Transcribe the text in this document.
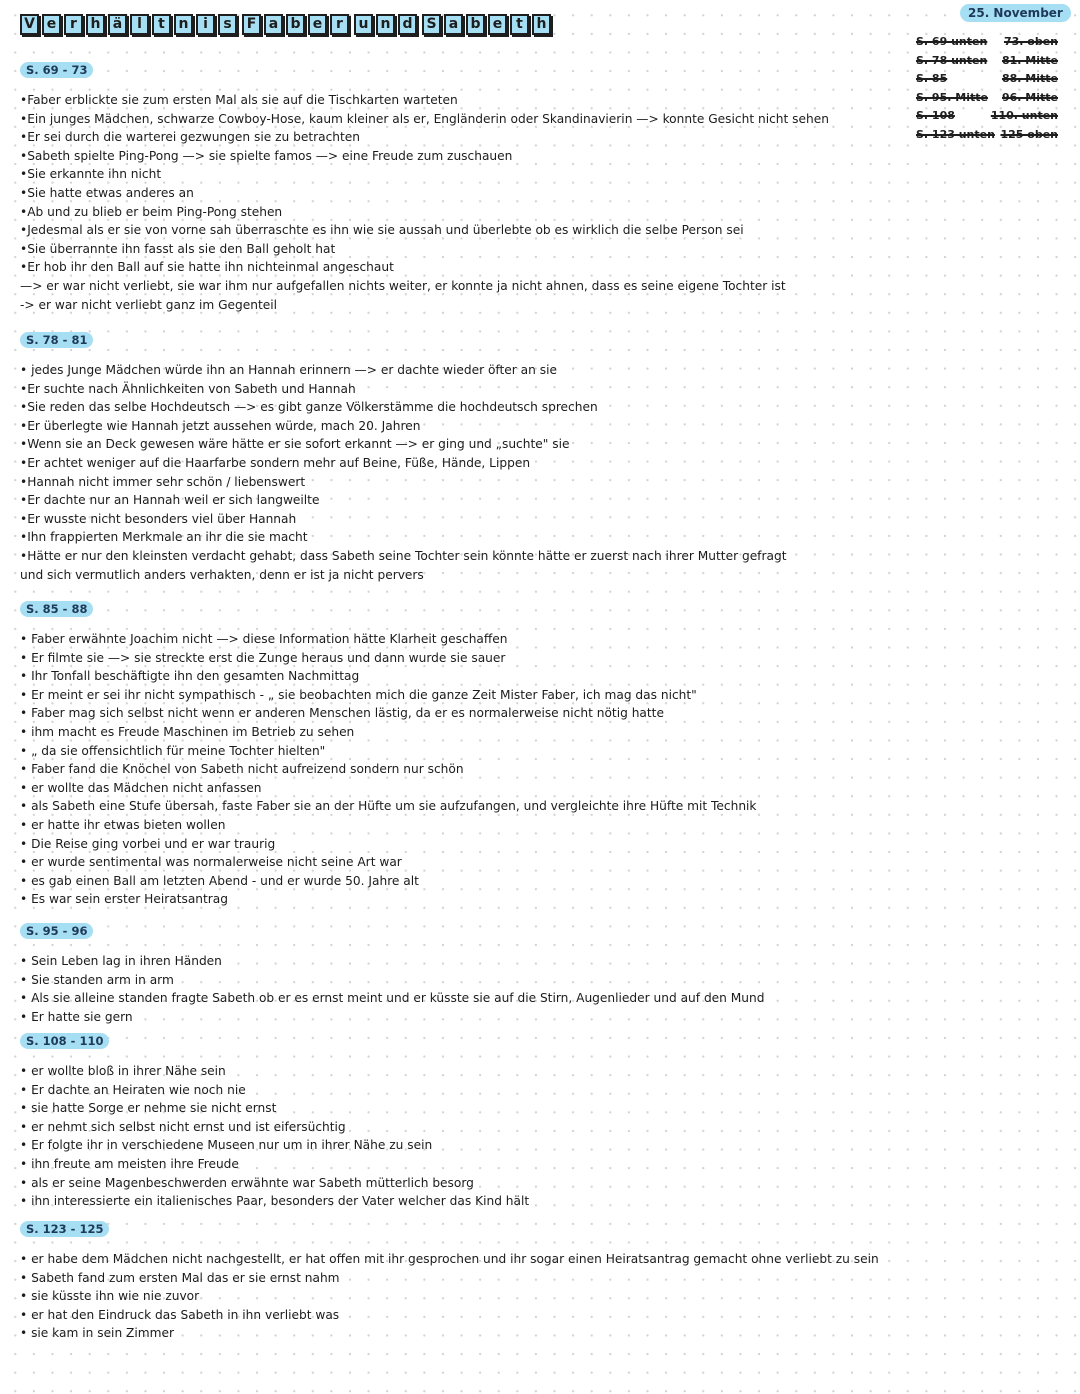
V e r h ä	l	t n	i	s	F a b e r	u n d S a b e t h
25. November
S. 69 unten 73. oben
S. 78 unten 81. Mitte
S. 85	88. Mitte
S. 95. Mitte 96. Mitte
S. 108	110. unten
S. 123 unten 125 oben
S. 69 - 73
•Faber erblickte sie zum ersten Mal als sie auf die Tischkarten warteten
•Ein junges Mädchen, schwarze Cowboy-Hose, kaum kleiner als er, Engländerin oder Skandinavierin —> konnte Gesicht nicht sehen
•Er sei durch die warterei gezwungen sie zu betrachten
•Sabeth spielte Ping-Pong —> sie spielte famos —> eine Freude zum zuschauen
•Sie erkannte ihn nicht
•Sie hatte etwas anderes an
•Ab und zu blieb er beim Ping-Pong stehen
•Jedesmal als er sie von vorne sah überraschte es ihn wie sie aussah und überlebte ob es wirklich die selbe Person sei
•Sie überrannte ihn fasst als sie den Ball geholt hat
•Er hob ihr den Ball auf sie hatte ihn nichteinmal angeschaut
—> er war nicht verliebt, sie war ihm nur aufgefallen nichts weiter, er konnte ja nicht ahnen, dass es seine eigene Tochter ist
-> er war nicht verliebt ganz im Gegenteil
S. 78 - 81
• jedes Junge Mädchen würde ihn an Hannah erinnern —> er dachte wieder öfter an sie
•Er suchte nach Ähnlichkeiten von Sabeth und Hannah
•Sie reden das selbe Hochdeutsch —> es gibt ganze Völkerstämme die hochdeutsch sprechen
•Er überlegte wie Hannah jetzt aussehen würde, mach 20. Jahren
•Wenn sie an Deck gewesen wäre hätte er sie sofort erkannt —> er ging und „suchte" sie
•Er achtet weniger auf die Haarfarbe sondern mehr auf Beine, Füße, Hände, Lippen
•Hannah nicht immer sehr schön / liebenswert
•Er dachte nur an Hannah weil er sich langweilte
•Er wusste nicht besonders viel über Hannah
•Ihn frappierten Merkmale an ihr die sie macht
•Hätte er nur den kleinsten verdacht gehabt, dass Sabeth seine Tochter sein könnte hätte er zuerst nach ihrer Mutter gefragt
und sich vermutlich anders verhakten, denn er ist ja nicht pervers
S. 85 - 88
• Faber erwähnte Joachim nicht —> diese Information hätte Klarheit geschaffen
• Er filmte sie —> sie streckte erst die Zunge heraus und dann wurde sie sauer
• Ihr Tonfall beschäftigte ihn den gesamten Nachmittag
• Er meint er sei ihr nicht sympathisch - „ sie beobachten mich die ganze Zeit Mister Faber, ich mag das nicht"
• Faber mag sich selbst nicht wenn er anderen Menschen lästig, da er es normalerweise nicht nötig hatte
• ihm macht es Freude Maschinen im Betrieb zu sehen
• „ da sie offensichtlich für meine Tochter hielten"
• Faber fand die Knöchel von Sabeth nicht aufreizend sondern nur schön
• er wollte das Mädchen nicht anfassen
• als Sabeth eine Stufe übersah, faste Faber sie an der Hüfte um sie aufzufangen, und vergleichte ihre Hüfte mit Technik
• er hatte ihr etwas bieten wollen
• Die Reise ging vorbei und er war traurig
• er wurde sentimental was normalerweise nicht seine Art war
• es gab einen Ball am letzten Abend - und er wurde 50. Jahre alt
• Es war sein erster Heiratsantrag
S. 95 - 96
• Sein Leben lag in ihren Händen
• Sie standen arm in arm
• Als sie alleine standen fragte Sabeth ob er es ernst meint und er küsste sie auf die Stirn, Augenlieder und auf den Mund
• Er hatte sie gern
S. 108 - 110
• er wollte bloß in ihrer Nähe sein
• Er dachte an Heiraten wie noch nie
• sie hatte Sorge er nehme sie nicht ernst
• er nehmt sich selbst nicht ernst und ist eifersüchtig
• Er folgte ihr in verschiedene Museen nur um in ihrer Nähe zu sein
• ihn freute am meisten ihre Freude
• als er seine Magenbeschwerden erwähnte war Sabeth mütterlich besorg
• ihn interessierte ein italienisches Paar, besonders der Vater welcher das Kind hält
S. 123 - 125
• er habe dem Mädchen nicht nachgestellt, er hat offen mit ihr gesprochen und ihr sogar einen Heiratsantrag gemacht ohne verliebt zu sein
• Sabeth fand zum ersten Mal das er sie ernst nahm
• sie küsste ihn wie nie zuvor
• er hat den Eindruck das Sabeth in ihn verliebt was
• sie kam in sein Zimmer
